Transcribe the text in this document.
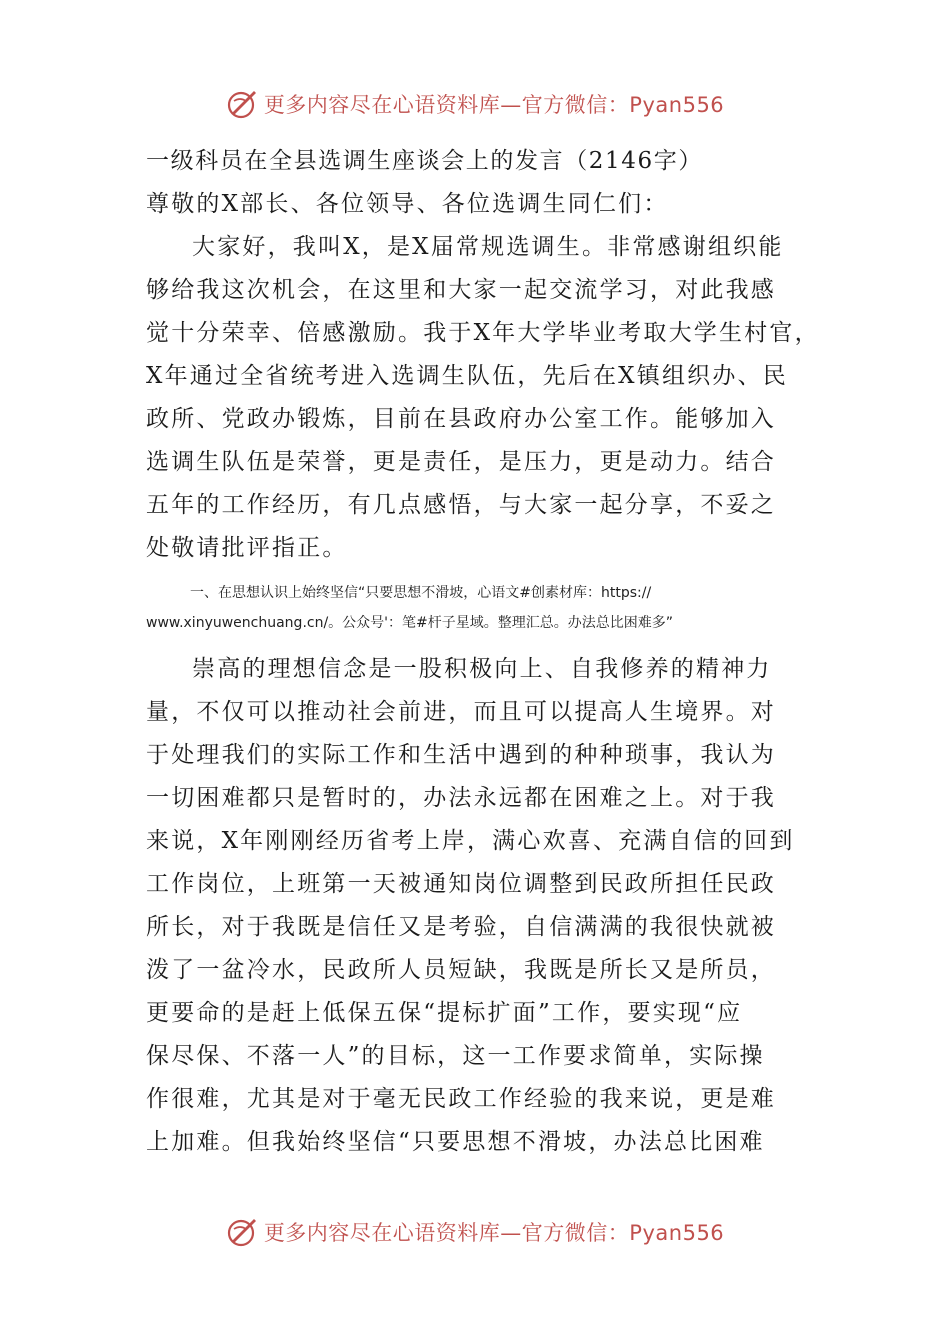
更多内容尽在心语资料库—官方微信：Pyan556
一级科员在全县选调生座谈会上的发言（2146字）
尊敬的X部长、各位领导、各位选调生同仁们：
大家好，我叫X，是X届常规选调生。非常感谢组织能
够给我这次机会，在这里和大家一起交流学习，对此我感
觉十分荣幸、倍感激励。我于X年大学毕业考取大学生村官，
X年通过全省统考进入选调生队伍，先后在X镇组织办、民
政所、党政办锻炼，目前在县政府办公室工作。能够加入
选调生队伍是荣誉，更是责任，是压力，更是动力。结合
五年的工作经历，有几点感悟，与大家一起分享，不妥之
处敬请批评指正。
一、在思想认识上始终坚信“只要思想不滑坡，心语文#创素材库：https://
www.xinyuwenchuang.cn/。公众号'：笔#杆子星域。整理汇总。办法总比困难多”
崇高的理想信念是一股积极向上、自我修养的精神力
量，不仅可以推动社会前进，而且可以提高人生境界。对
于处理我们的实际工作和生活中遇到的种种琐事，我认为
一切困难都只是暂时的，办法永远都在困难之上。对于我
来说，X年刚刚经历省考上岸，满心欢喜、充满自信的回到
工作岗位，上班第一天被通知岗位调整到民政所担任民政
所长，对于我既是信任又是考验，自信满满的我很快就被
泼了一盆冷水，民政所人员短缺，我既是所长又是所员，
更要命的是赶上低保五保“提标扩面”工作，要实现“应
保尽保、不落一人”的目标，这一工作要求简单，实际操
作很难，尤其是对于毫无民政工作经验的我来说，更是难
上加难。但我始终坚信“只要思想不滑坡，办法总比困难
更多内容尽在心语资料库—官方微信：Pyan556
